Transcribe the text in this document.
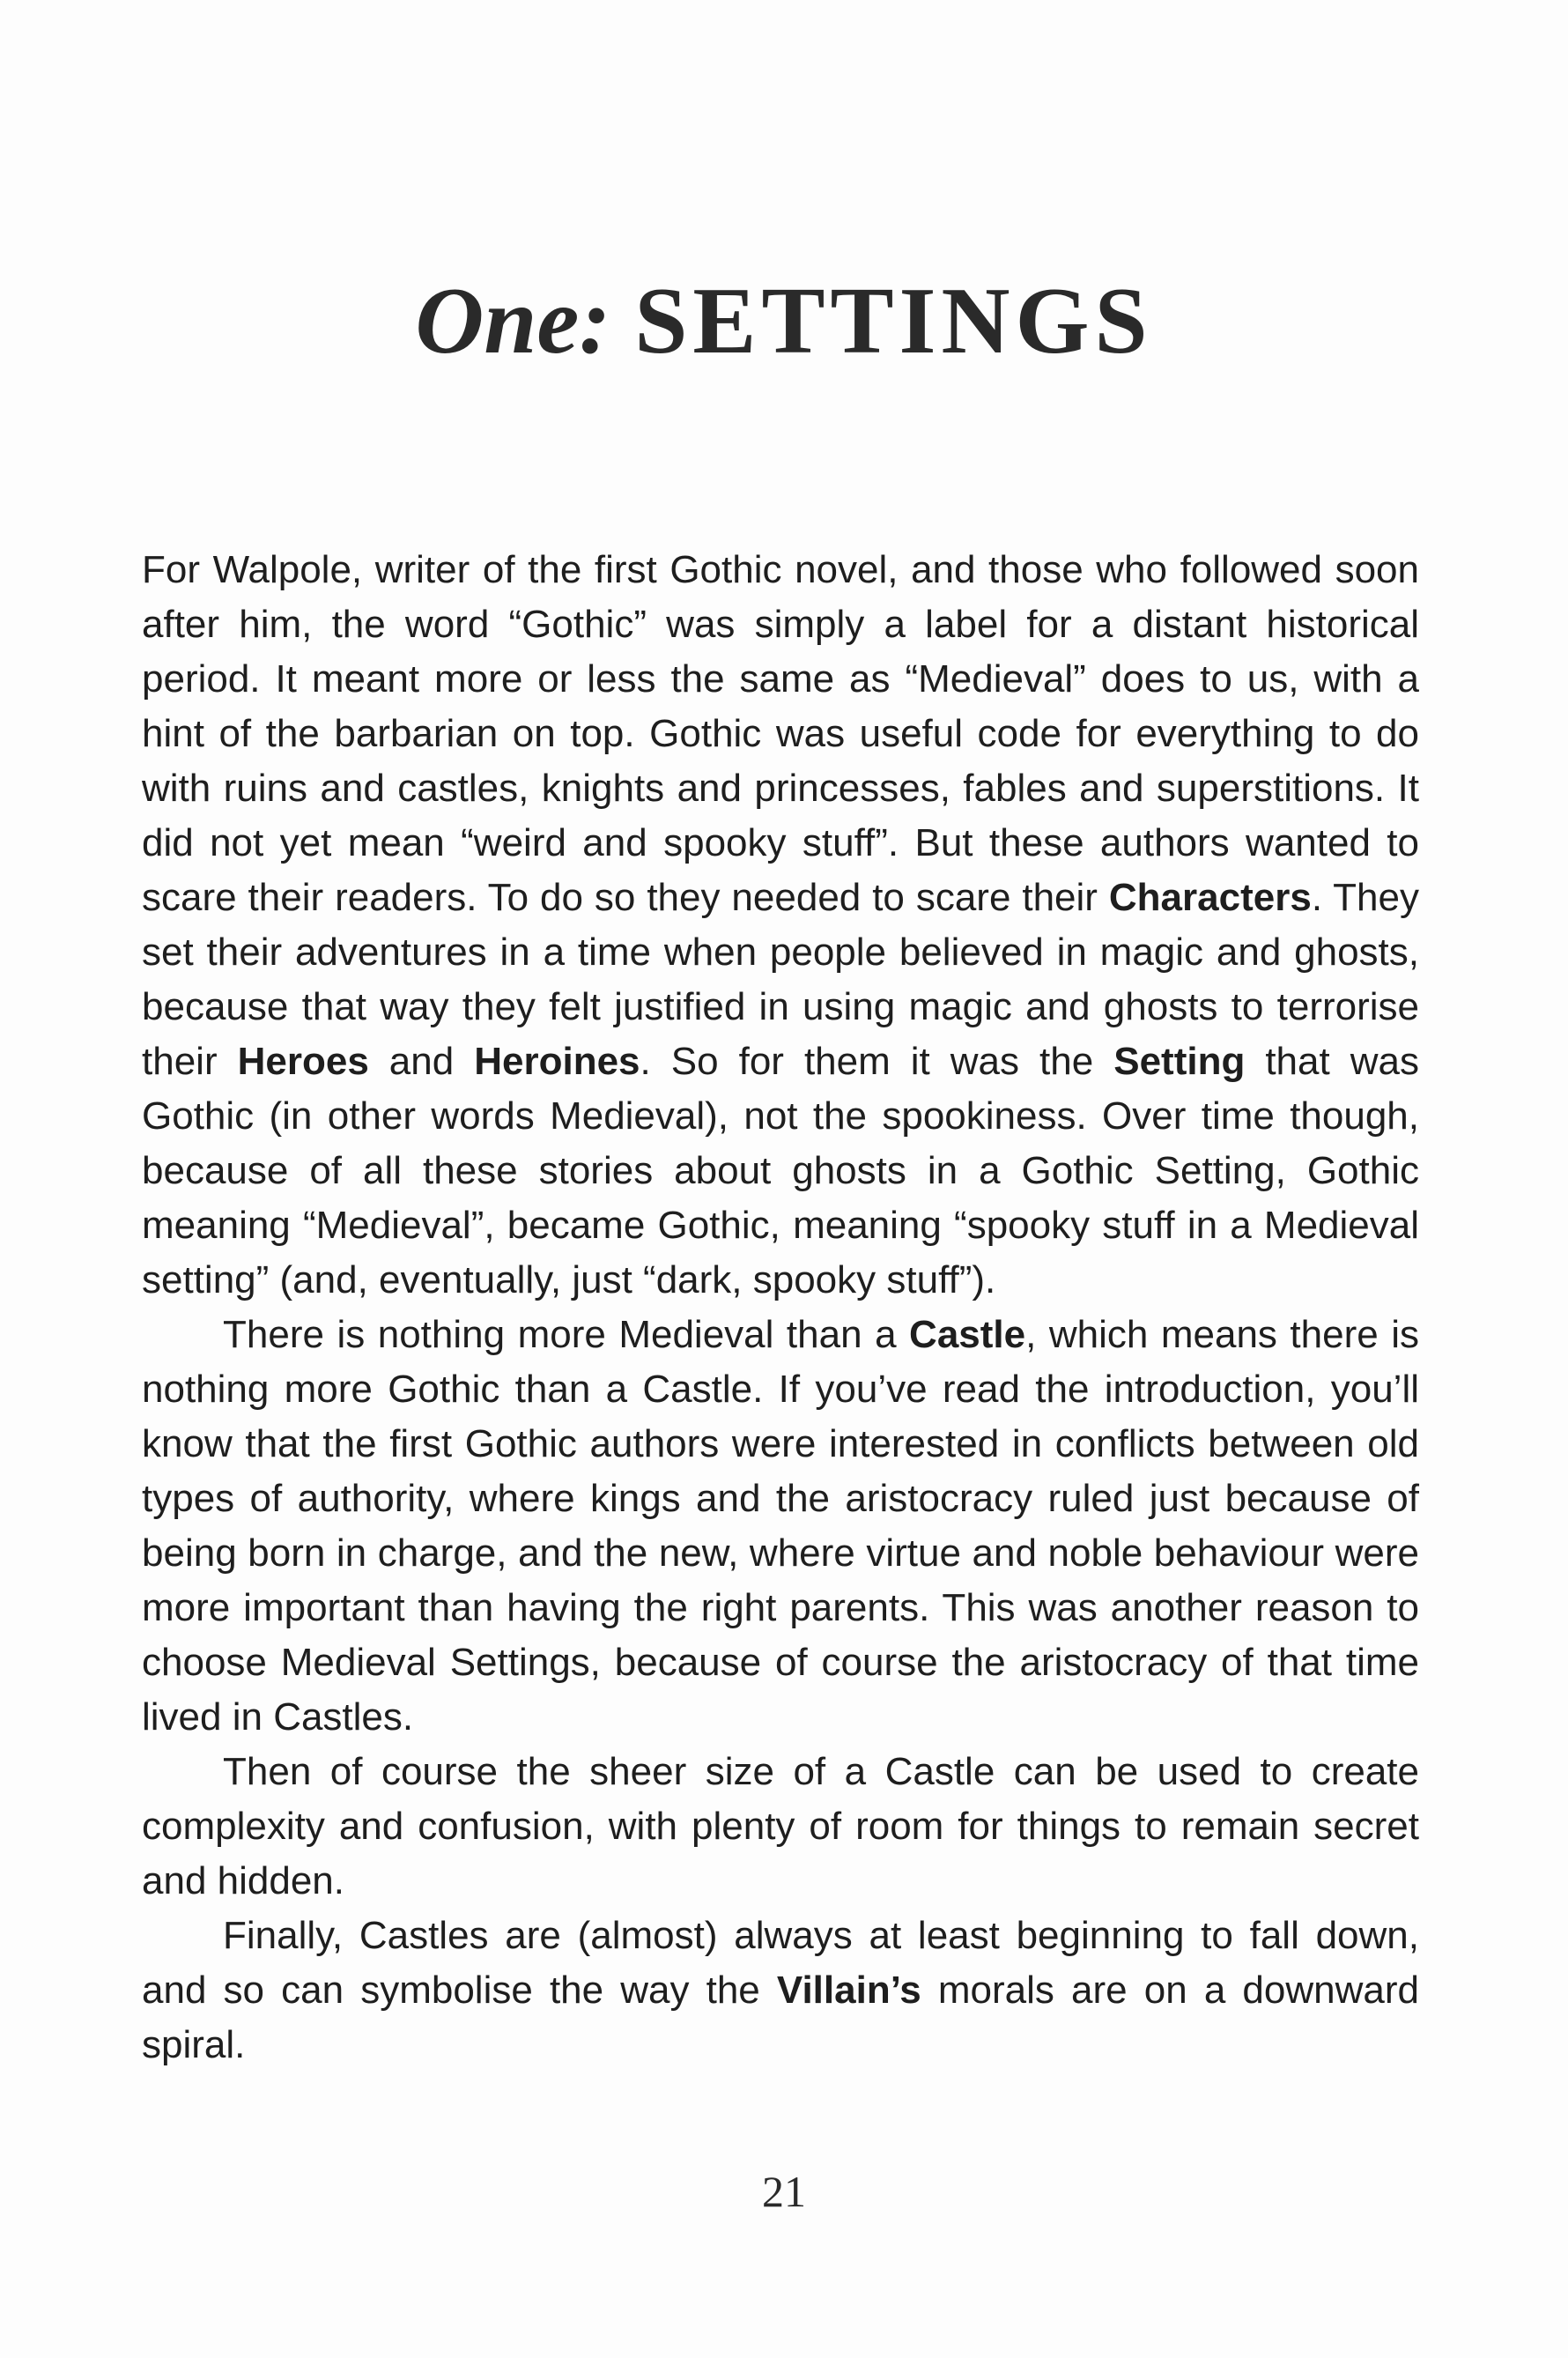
One: SETTINGS

For Walpole, writer of the first Gothic novel, and those who followed soon after him, the word “Gothic” was simply a label for a distant historical period. It meant more or less the same as “Medieval” does to us, with a hint of the barbarian on top. Gothic was useful code for everything to do with ruins and castles, knights and princesses, fables and superstitions. It did not yet mean “weird and spooky stuff”. But these authors wanted to scare their readers. To do so they needed to scare their Characters. They set their adventures in a time when people believed in magic and ghosts, because that way they felt justified in using magic and ghosts to terrorise their Heroes and Heroines. So for them it was the Setting that was Gothic (in other words Medieval), not the spookiness. Over time though, because of all these stories about ghosts in a Gothic Setting, Gothic meaning “Medieval”, became Gothic, meaning “spooky stuff in a Medieval setting” (and, eventually, just “dark, spooky stuff”).

There is nothing more Medieval than a Castle, which means there is nothing more Gothic than a Castle. If you’ve read the introduction, you’ll know that the first Gothic authors were interested in conflicts between old types of authority, where kings and the aristocracy ruled just because of being born in charge, and the new, where virtue and noble behaviour were more important than having the right parents. This was another reason to choose Medieval Settings, because of course the aristocracy of that time lived in Castles.

Then of course the sheer size of a Castle can be used to create complexity and confusion, with plenty of room for things to remain secret and hidden.

Finally, Castles are (almost) always at least beginning to fall down, and so can symbolise the way the Villain’s morals are on a downward spiral.

21
